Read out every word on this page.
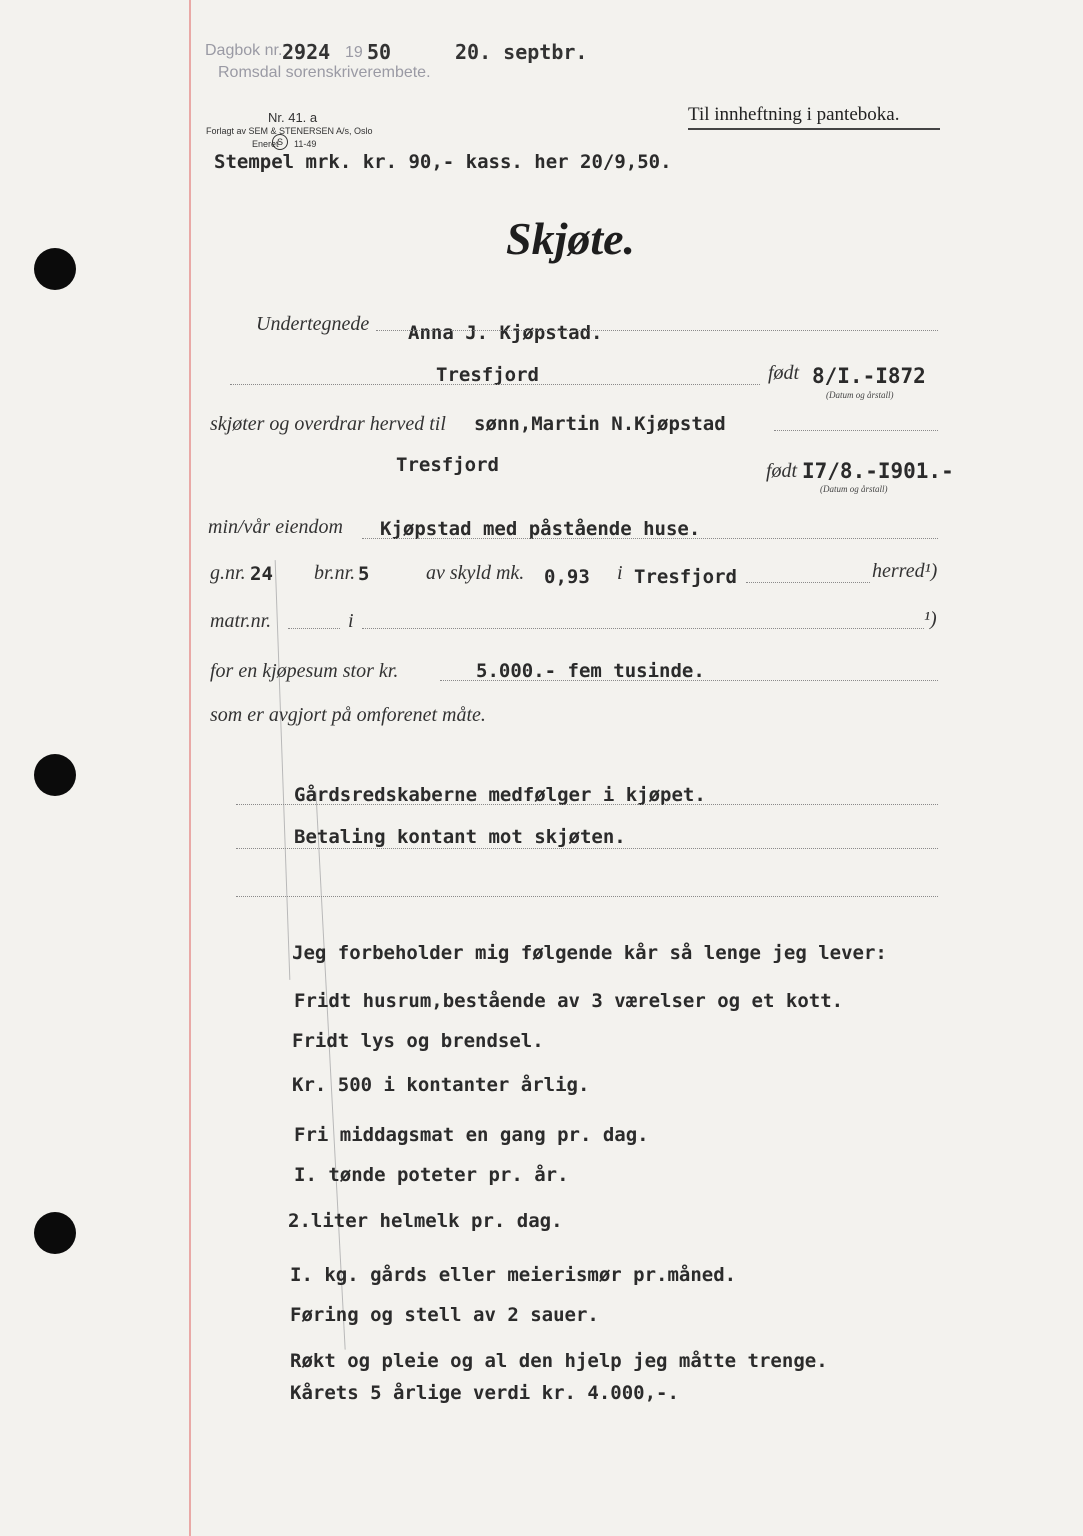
Dagbok nr. 2924 19 50	20. septbr.
Romsdal sorenskriverembete.
Nr. 41. a
Forlagt av SEM & STENERSEN A/s, Oslo
Eneret
S	11-49
Til innheftning i panteboka.
Stempel mrk. kr. 90,- kass. her 20/9,50.
Skjøte.
Undertegnede Anna J. Kjøpstad.
Tresfjord	født 8/I.-I872
(Datum og årstall)
skjøter og overdrar herved til sønn,Martin N.Kjøpstad
Tresfjord	født I7/8.-I901.-
(Datum og årstall)
min/vår eiendom Kjøpstad med påstående huse.
g.nr. 24 br.nr. 5	av skyld mk. 0,93 i Tresfjord	herred¹)
matr.nr.	i	¹)
for en kjøpesum stor kr.	5.000.- fem tusinde.
som er avgjort på omforenet måte.
Gårdsredskaberne medfølger i kjøpet.
Betaling kontant mot skjøten.
Jeg forbeholder mig følgende kår så lenge jeg lever:
Fridt husrum,bestående av 3 værelser og et kott.
Fridt lys og brendsel.
Kr. 500 i kontanter årlig.
Fri middagsmat en gang pr. dag.
I. tønde poteter pr. år.
2.liter helmelk pr. dag.
I. kg. gårds eller meierismør pr.måned.
Føring og stell av 2 sauer.
Røkt og pleie og al den hjelp jeg måtte trenge.
Kårets 5 årlige verdi kr. 4.000,-.
